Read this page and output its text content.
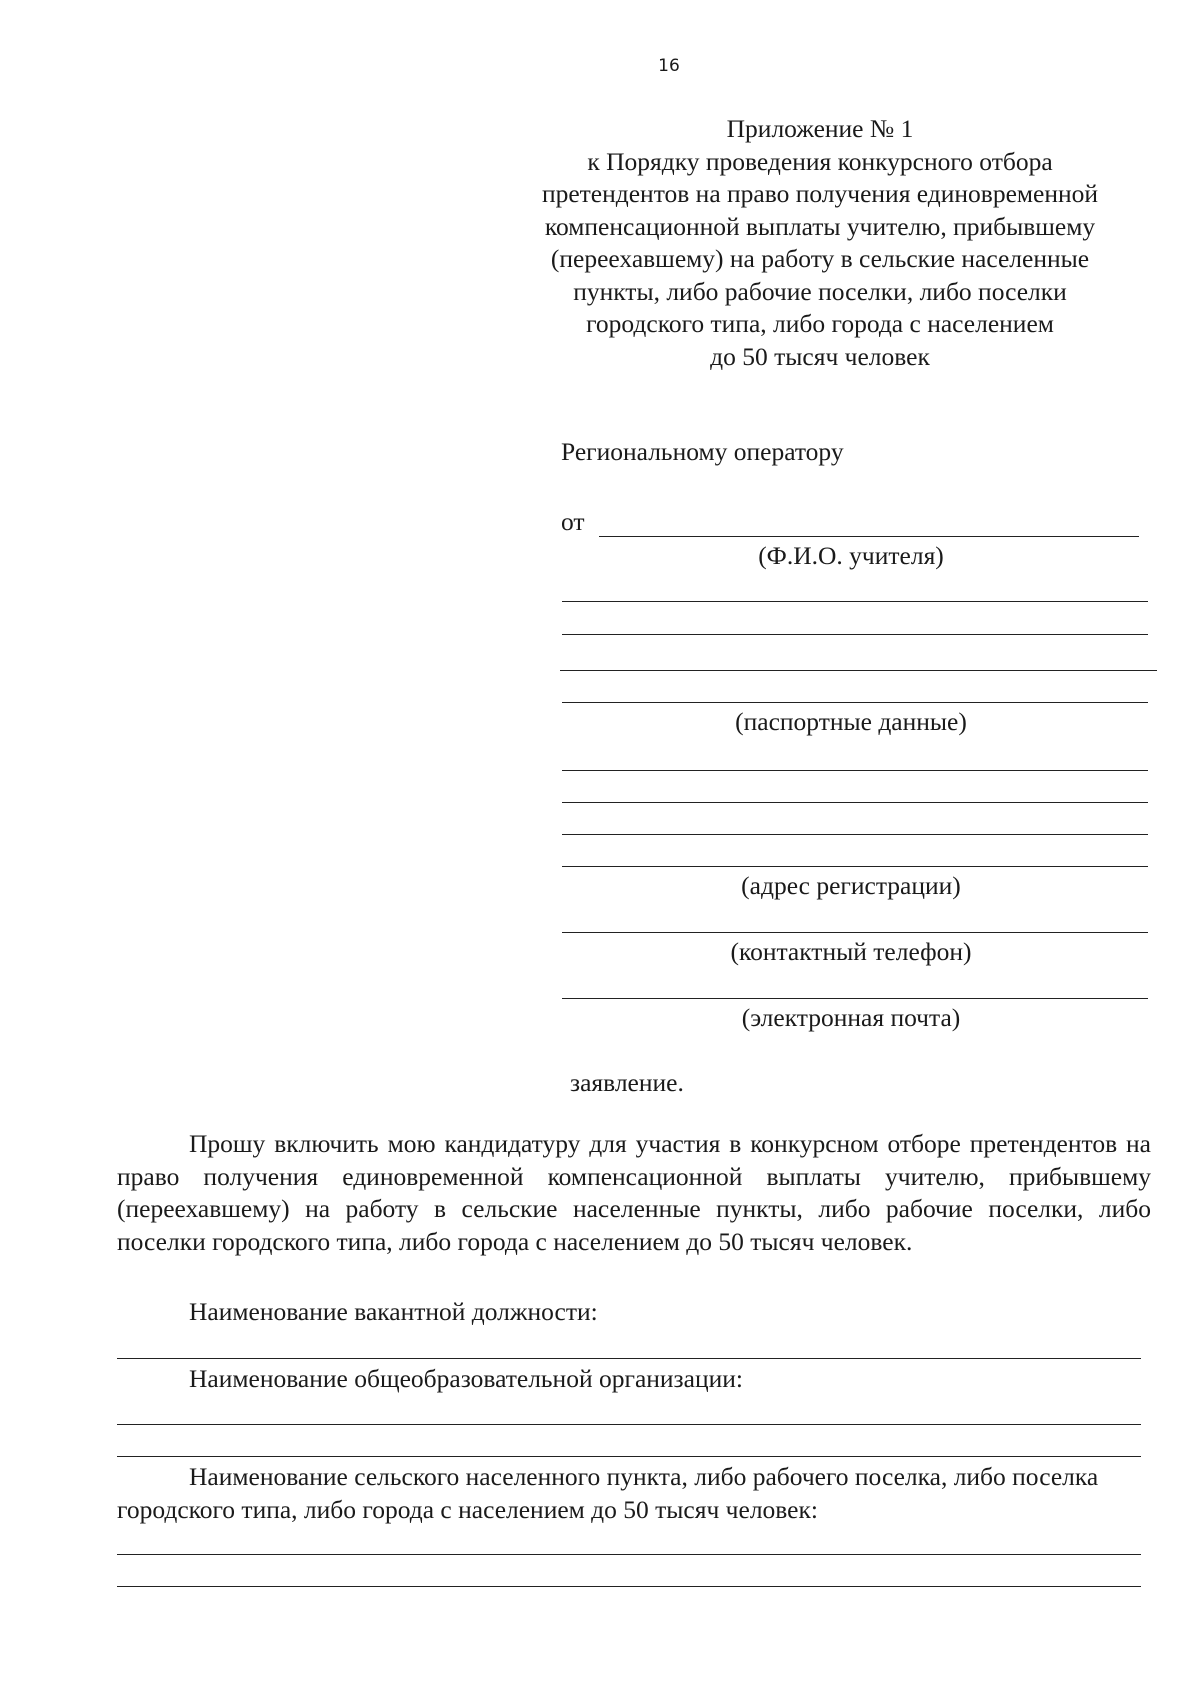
16
Приложение № 1
к Порядку проведения конкурсного отбора
претендентов на право получения единовременной
компенсационной выплаты учителю, прибывшему
(переехавшему) на работу в сельские населенные
пункты, либо рабочие поселки, либо поселки
городского типа, либо города с населением
до 50 тысяч человек
Региональному оператору
от
(Ф.И.О. учителя)
(паспортные данные)
(адрес регистрации)
(контактный телефон)
(электронная почта)
заявление.

Прошу включить мою кандидатуру для участия в конкурсном отборе претендентов на право получения единовременной компенсационной выплаты учителю, прибывшему (переехавшему) на работу в сельские населенные пункты, либо рабочие поселки, либо поселки городского типа, либо города с населением до 50 тысяч человек.

Наименование вакантной должности:
Наименование общеобразовательной организации:

Наименование сельского населенного пункта, либо рабочего поселка, либо поселка городского типа, либо города с населением до 50 тысяч человек:
